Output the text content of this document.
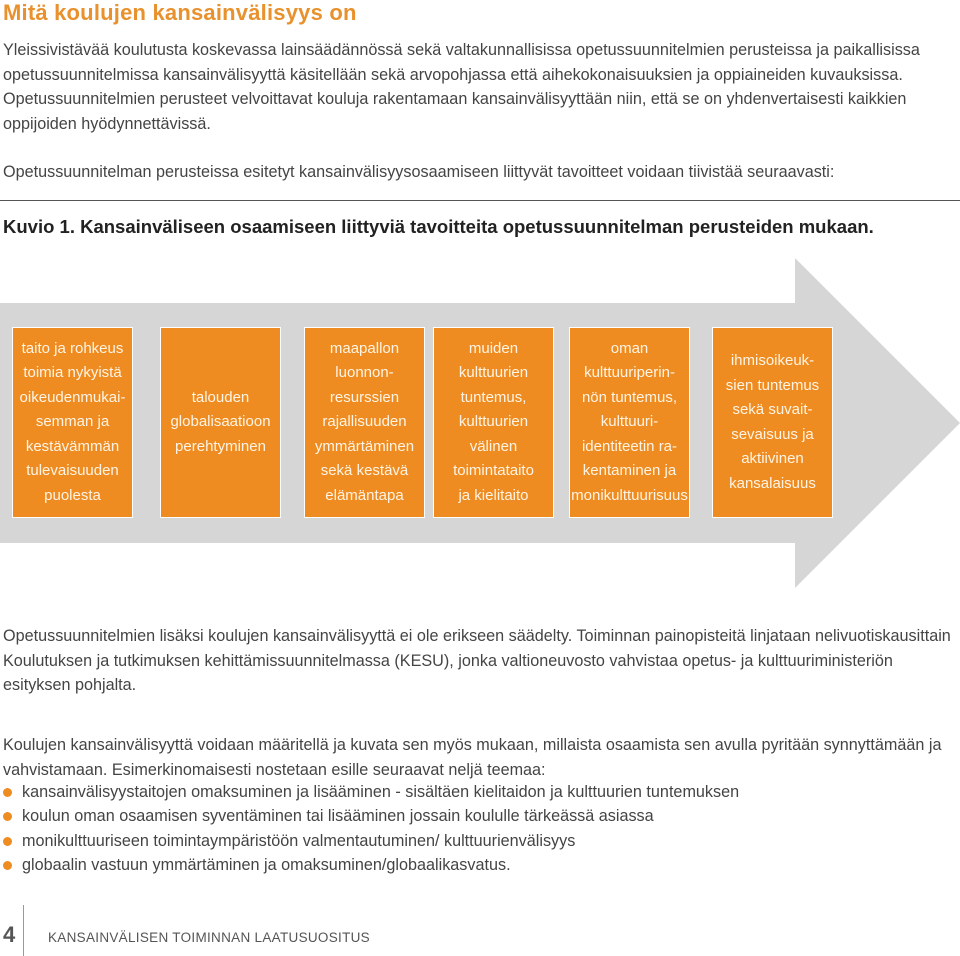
Mitä koulujen kansainvälisyys on
Yleissivistävää koulutusta koskevassa lainsäädännössä sekä valtakunnallisissa opetussuunnitelmien perusteissa ja paikallisissa opetussuunnitelmissa kansainvälisyyttä käsitellään sekä arvopohjassa että aihekokonaisuuksien ja oppiaineiden kuvauksissa. Opetussuunnitelmien perusteet velvoittavat kouluja rakentamaan kansainvälisyyttään niin, että se on yhdenvertaisesti kaikkien oppijoiden hyödynnettävissä.
Opetussuunnitelman perusteissa esitetyt kansainvälisyysosaamiseen liittyvät tavoitteet voidaan tiivistää seuraavasti:
Kuvio 1. Kansainväliseen osaamiseen liittyviä tavoitteita opetussuunnitelman perusteiden mukaan.
taito ja rohkeus
toimia nykyistä
oikeudenmukai-
semman ja
kestävämmän
tulevaisuuden
puolesta
talouden
globalisaatioon
perehtyminen
maapallon
luonnon-
resurssien
rajallisuuden
ymmärtäminen
sekä kestävä
elämäntapa
muiden
kulttuurien
tuntemus,
kulttuurien
välinen
toimintataito
ja kielitaito
oman
kulttuuriperin-
nön tuntemus,
kulttuuri-
identiteetin ra-
kentaminen ja
monikulttuurisuus
ihmisoikeuk-
sien tuntemus
sekä suvait-
sevaisuus ja
aktiivinen
kansalaisuus
Opetussuunnitelmien lisäksi koulujen kansainvälisyyttä ei ole erikseen säädelty. Toiminnan painopisteitä linjataan nelivuotiskausittain Koulutuksen ja tutkimuksen kehittämissuunnitelmassa (KESU), jonka valtioneuvosto vahvistaa opetus- ja kulttuuriministeriön esityksen pohjalta.
Koulujen kansainvälisyyttä voidaan määritellä ja kuvata sen myös mukaan, millaista osaamista sen avulla pyritään synnyttämään ja vahvistamaan. Esimerkinomaisesti nostetaan esille seuraavat neljä teemaa:
kansainvälisyystaitojen omaksuminen ja lisääminen - sisältäen kielitaidon ja kulttuurien tuntemuksen
koulun oman osaamisen syventäminen tai lisääminen jossain koululle tärkeässä asiassa
monikulttuuriseen toimintaympäristöön valmentautuminen/ kulttuurienvälisyys
globaalin vastuun ymmärtäminen ja omaksuminen/globaalikasvatus.
4 KANSAINVÄLISEN TOIMINNAN LAATUSUOSITUS
